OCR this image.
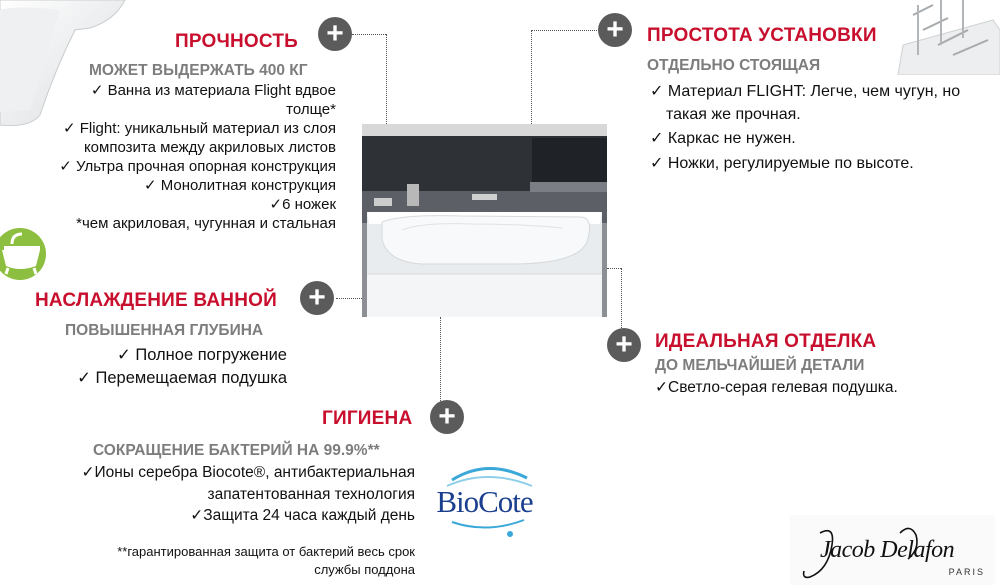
+	+
+
+
+
ПРОЧНОСТЬ
МОЖЕТ ВЫДЕРЖАТЬ 400 КГ
✓ Ванна из материала Flight вдвое
толще*
✓ Flight: уникальный материал из слоя
композита между акриловых листов
✓ Ультра прочная опорная конструкция
✓ Монолитная конструкция
✓6 ножек
*чем акриловая, чугунная и стальная
НАСЛАЖДЕНИЕ ВАННОЙ
ПОВЫШЕННАЯ ГЛУБИНА
✓ Полное погружение
✓ Перемещаемая подушка
ГИГИЕНА
СОКРАЩЕНИЕ БАКТЕРИЙ НА 99.9%**
✓Ионы серебра Biocote®, антибактериальная
запатентованная технология
✓Защита 24 часа каждый день
**гарантированная защита от бактерий весь срок
службы поддона
BioCote
ПРОСТОТА УСТАНОВКИ
ОТДЕЛЬНО СТОЯЩАЯ
✓ Материал FLIGHT: Легче, чем чугун, но
такая же прочная.
✓ Каркас не нужен.
✓ Ножки, регулируемые по высоте.
ИДЕАЛЬНАЯ ОТДЕЛКА
ДО МЕЛЬЧАЙШЕЙ ДЕТАЛИ
✓Светло-серая гелевая подушка.
Jacob Delafon
PARIS
